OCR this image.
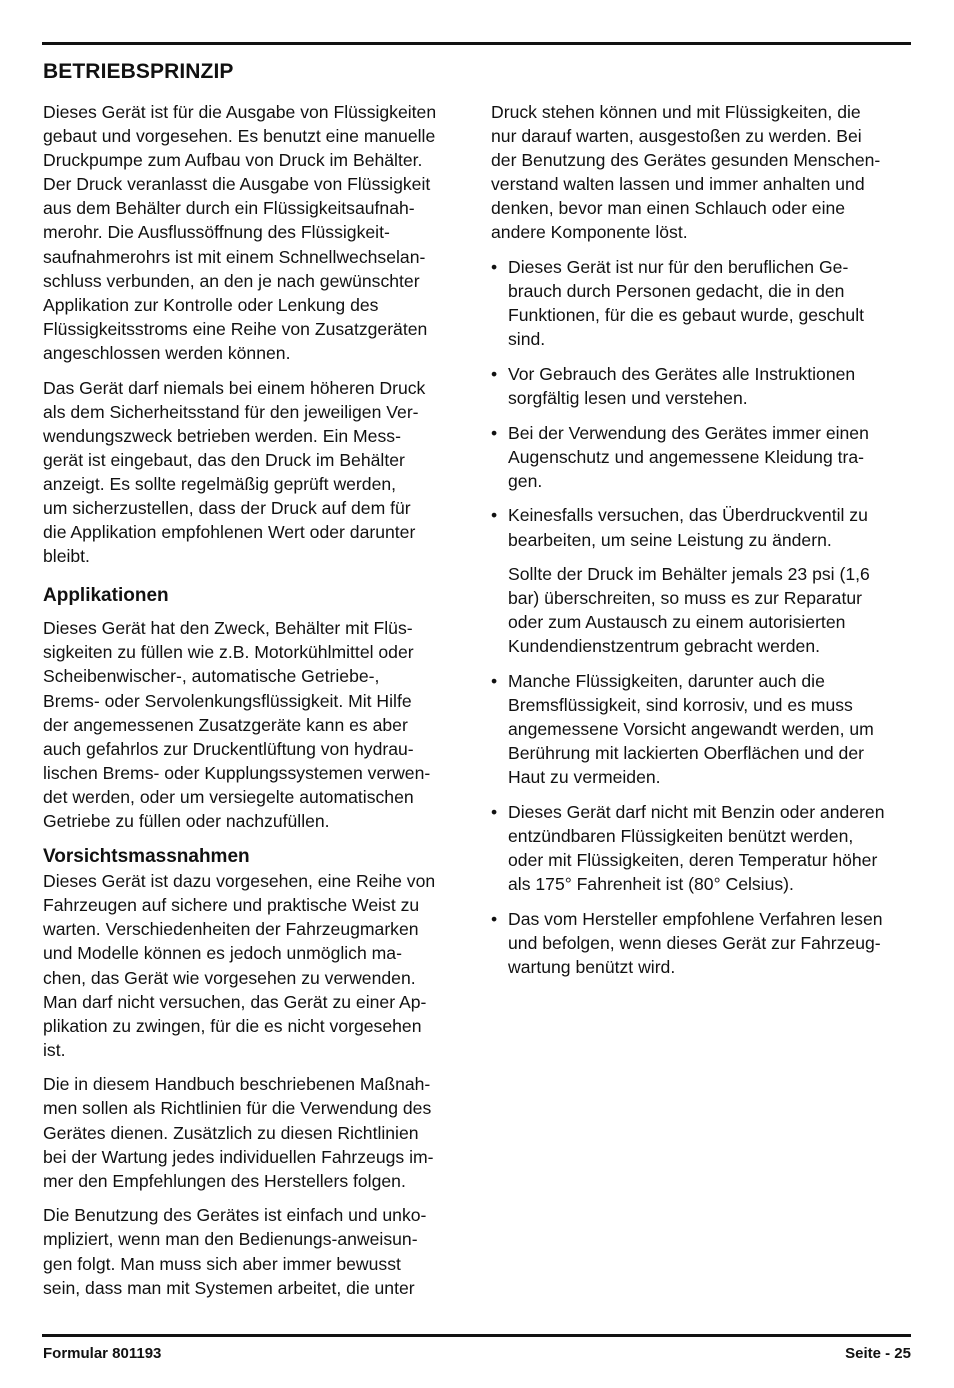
BETRIEBSPRINZIP

Dieses Gerät ist für die Ausgabe von Flüssigkeiten
gebaut und vorgesehen. Es benutzt eine manuelle
Druckpumpe zum Aufbau von Druck im Behälter.
Der Druck veranlasst die Ausgabe von Flüssigkeit
aus dem Behälter durch ein Flüssigkeitsaufnah-
merohr. Die Ausflussöffnung des Flüssigkeit-
saufnahmerohrs ist mit einem Schnellwechselan-
schluss verbunden, an den je nach gewünschter
Applikation zur Kontrolle oder Lenkung des
Flüssigkeitsstroms eine Reihe von Zusatzgeräten
angeschlossen werden können.

Das Gerät darf niemals bei einem höheren Druck
als dem Sicherheitsstand für den jeweiligen Ver-
wendungszweck betrieben werden. Ein Mess-
gerät ist eingebaut, das den Druck im Behälter
anzeigt. Es sollte regelmäßig geprüft werden,
um sicherzustellen, dass der Druck auf dem für
die Applikation empfohlenen Wert oder darunter
bleibt.

Applikationen

Dieses Gerät hat den Zweck, Behälter mit Flüs-
sigkeiten zu füllen wie z.B. Motorkühlmittel oder
Scheibenwischer-, automatische Getriebe-,
Brems- oder Servolenkungsflüssigkeit. Mit Hilfe
der angemessenen Zusatzgeräte kann es aber
auch gefahrlos zur Druckentlüftung von hydrau-
lischen Brems- oder Kupplungssystemen verwen-
det werden, oder um versiegelte automatischen
Getriebe zu füllen oder nachzufüllen.

Vorsichtsmassnahmen

Dieses Gerät ist dazu vorgesehen, eine Reihe von
Fahrzeugen auf sichere und praktische Weist zu
warten. Verschiedenheiten der Fahrzeugmarken
und Modelle können es jedoch unmöglich ma-
chen, das Gerät wie vorgesehen zu verwenden.
Man darf nicht versuchen, das Gerät zu einer Ap-
plikation zu zwingen, für die es nicht vorgesehen
ist.

Die in diesem Handbuch beschriebenen Maßnah-
men sollen als Richtlinien für die Verwendung des
Gerätes dienen. Zusätzlich zu diesen Richtlinien
bei der Wartung jedes individuellen Fahrzeugs im-
mer den Empfehlungen des Herstellers folgen.

Die Benutzung des Gerätes ist einfach und unko-
mpliziert, wenn man den Bedienungs-anweisun-
gen folgt. Man muss sich aber immer bewusst
sein, dass man mit Systemen arbeitet, die unter

Druck stehen können und mit Flüssigkeiten, die
nur darauf warten, ausgestoßen zu werden. Bei
der Benutzung des Gerätes gesunden Menschen-
verstand walten lassen und immer anhalten und
denken, bevor man einen Schlauch oder eine
andere Komponente löst.

• Dieses Gerät ist nur für den beruflichen Ge-
brauch durch Personen gedacht, die in den
Funktionen, für die es gebaut wurde, geschult
sind.

• Vor Gebrauch des Gerätes alle Instruktionen
sorgfältig lesen und verstehen.

• Bei der Verwendung des Gerätes immer einen
Augenschutz und angemessene Kleidung tra-
gen.

• Keinesfalls versuchen, das Überdruckventil zu
bearbeiten, um seine Leistung zu ändern.

Sollte der Druck im Behälter jemals 23 psi (1,6
bar) überschreiten, so muss es zur Reparatur
oder zum Austausch zu einem autorisierten
Kundendienstzentrum gebracht werden.

• Manche Flüssigkeiten, darunter auch die
Bremsflüssigkeit, sind korrosiv, und es muss
angemessene Vorsicht angewandt werden, um
Berührung mit lackierten Oberflächen und der
Haut zu vermeiden.

• Dieses Gerät darf nicht mit Benzin oder anderen
entzündbaren Flüssigkeiten benützt werden,
oder mit Flüssigkeiten, deren Temperatur höher
als 175° Fahrenheit ist (80° Celsius).

• Das vom Hersteller empfohlene Verfahren lesen
und befolgen, wenn dieses Gerät zur Fahrzeug-
wartung benützt wird.

Formular 801193	Seite - 25
